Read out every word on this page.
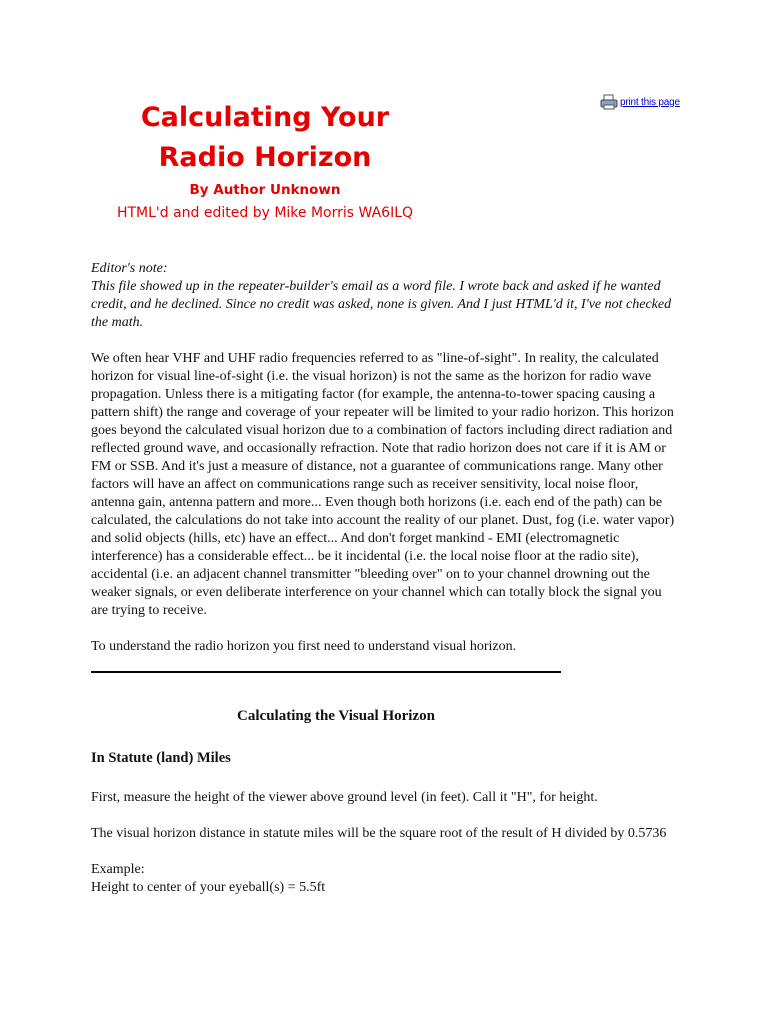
print this page
Calculating Your
Radio Horizon
By Author Unknown
HTML'd and edited by Mike Morris WA6ILQ
Editor's note:
This file showed up in the repeater-builder's email as a word file. I wrote back and asked if he wanted credit, and he declined. Since no credit was asked, none is given. And I just HTML'd it, I've not checked the math.

We often hear VHF and UHF radio frequencies referred to as "line-of-sight". In reality, the calculated horizon for visual line-of-sight (i.e. the visual horizon) is not the same as the horizon for radio wave propagation. Unless there is a mitigating factor (for example, the antenna-to-tower spacing causing a pattern shift) the range and coverage of your repeater will be limited to your radio horizon. This horizon goes beyond the calculated visual horizon due to a combination of factors including direct radiation and reflected ground wave, and occasionally refraction. Note that radio horizon does not care if it is AM or FM or SSB. And it's just a measure of distance, not a guarantee of communications range. Many other factors will have an affect on communications range such as receiver sensitivity, local noise floor, antenna gain, antenna pattern and more... Even though both horizons (i.e. each end of the path) can be calculated, the calculations do not take into account the reality of our planet. Dust, fog (i.e. water vapor) and solid objects (hills, etc) have an effect... And don't forget mankind - EMI (electromagnetic interference) has a considerable effect... be it incidental (i.e. the local noise floor at the radio site), accidental (i.e. an adjacent channel transmitter "bleeding over" on to your channel drowning out the weaker signals, or even deliberate interference on your channel which can totally block the signal you are trying to receive.

To understand the radio horizon you first need to understand visual horizon.

Calculating the Visual Horizon
In Statute (land) Miles

First, measure the height of the viewer above ground level (in feet). Call it "H", for height.

The visual horizon distance in statute miles will be the square root of the result of H divided by 0.5736

Example:
Height to center of your eyeball(s) = 5.5ft
